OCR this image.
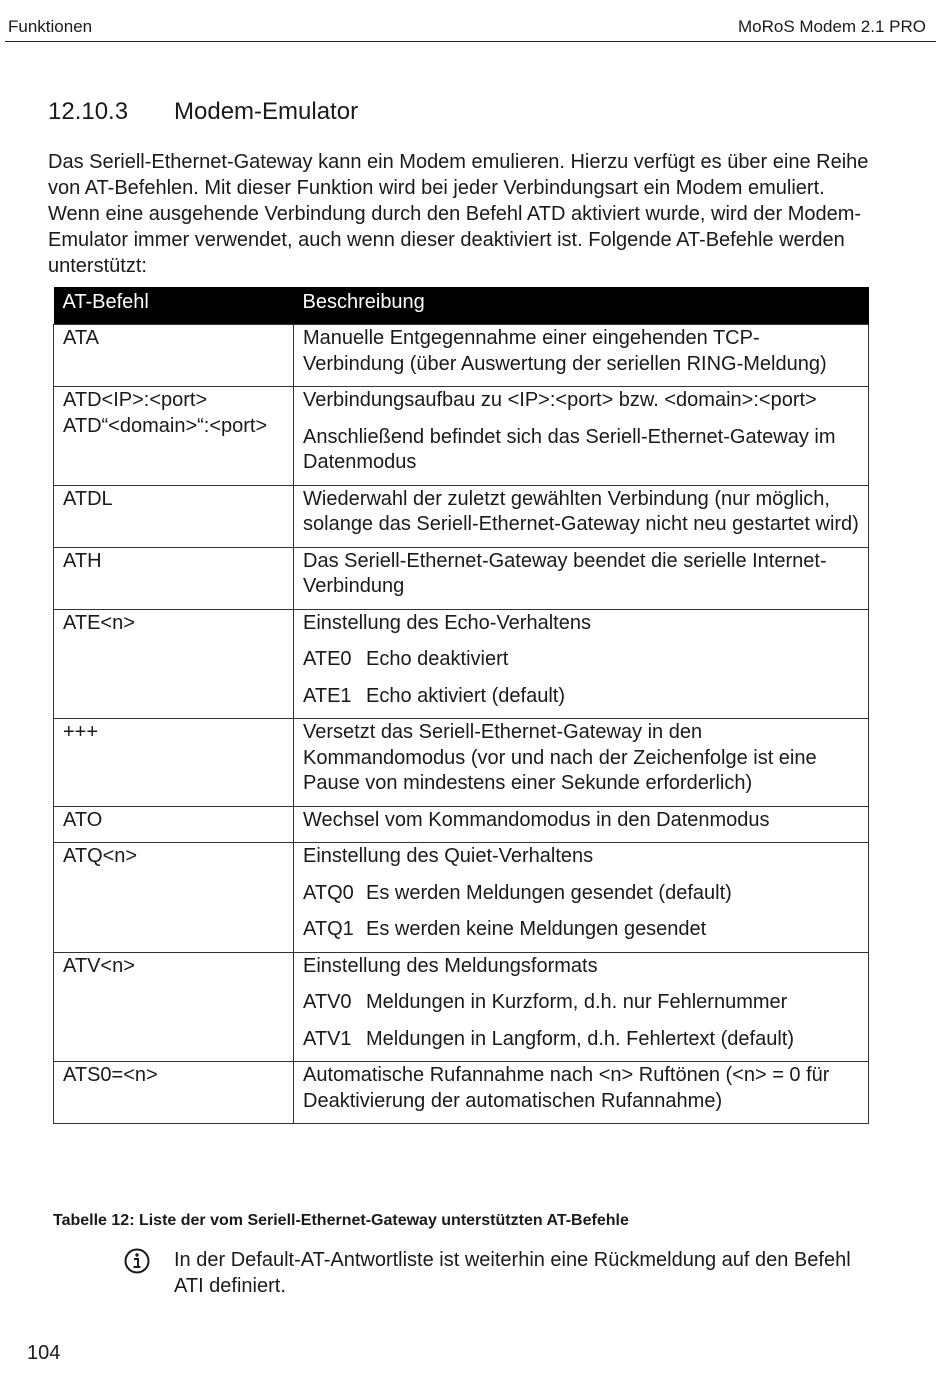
Funktionen	MoRoS Modem 2.1 PRO
12.10.3 Modem-Emulator

Das Seriell-Ethernet-Gateway kann ein Modem emulieren. Hierzu verfügt es über eine Reihe von AT-Befehlen. Mit dieser Funktion wird bei jeder Verbindungsart ein Modem emuliert. Wenn eine ausgehende Verbindung durch den Befehl ATD aktiviert wurde, wird der Modem-Emulator immer verwendet, auch wenn dieser deaktiviert ist. Folgende AT-Befehle werden unterstützt:

AT-Befehl	Beschreibung
ATA	Manuelle Entgegennahme einer eingehenden TCP-Verbindung (über Auswertung der seriellen RING-Meldung)
ATD<IP>:<port> ATD“<domain>“:<port>	Verbindungsaufbau zu <IP>:<port> bzw. <domain>:<port>
Anschließend befindet sich das Seriell-Ethernet-Gateway im Datenmodus

ATDL	Wiederwahl der zuletzt gewählten Verbindung (nur möglich, solange das Seriell-Ethernet-Gateway nicht neu gestartet wird)
ATH	Das Seriell-Ethernet-Gateway beendet die serielle Internet-Verbindung
ATE<n>	Einstellung des Echo-Verhaltens
ATE0 Echo deaktiviert
ATE1 Echo aktiviert (default)

+++	Versetzt das Seriell-Ethernet-Gateway in den Kommandomodus (vor und nach der Zeichenfolge ist eine Pause von mindestens einer Sekunde erforderlich)
ATO	Wechsel vom Kommandomodus in den Datenmodus
ATQ<n>	Einstellung des Quiet-Verhaltens
ATQ0 Es werden Meldungen gesendet (default)
ATQ1 Es werden keine Meldungen gesendet

ATV<n>	Einstellung des Meldungsformats
ATV0 Meldungen in Kurzform, d.h. nur Fehlernummer
ATV1 Meldungen in Langform, d.h. Fehlertext (default)

ATS0=<n>	Automatische Rufannahme nach <n> Ruftönen (<n> = 0 für Deaktivierung der automatischen Rufannahme)
Tabelle 12: Liste der vom Seriell-Ethernet-Gateway unterstützten AT-Befehle

In der Default-AT-Antwortliste ist weiterhin eine Rückmeldung auf den Befehl ATI definiert.

104
